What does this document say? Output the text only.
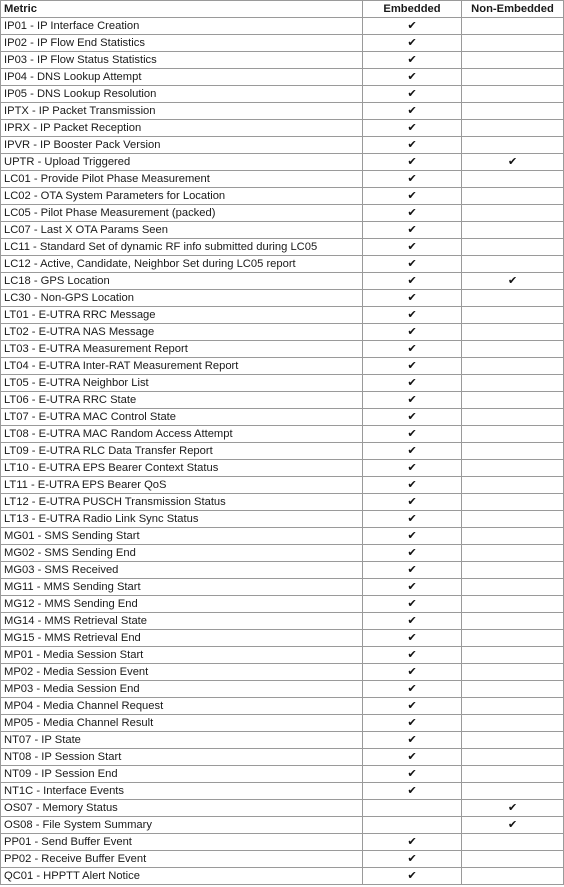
Metric	Embedded	Non-Embedded
IP01 - IP Interface Creation	✔	
IP02 - IP Flow End Statistics	✔	
IP03 - IP Flow Status Statistics	✔	
IP04 - DNS Lookup Attempt	✔	
IP05 - DNS Lookup Resolution	✔	
IPTX - IP Packet Transmission	✔	
IPRX - IP Packet Reception	✔	
IPVR - IP Booster Pack Version	✔	
UPTR - Upload Triggered	✔	✔
LC01 - Provide Pilot Phase Measurement	✔	
LC02 - OTA System Parameters for Location	✔	
LC05 - Pilot Phase Measurement (packed)	✔	
LC07 - Last X OTA Params Seen	✔	
LC11 - Standard Set of dynamic RF info submitted during LC05	✔	
LC12 - Active, Candidate, Neighbor Set during LC05 report	✔	
LC18 - GPS Location	✔	✔
LC30 - Non-GPS Location	✔	
LT01 - E-UTRA RRC Message	✔	
LT02 - E-UTRA NAS Message	✔	
LT03 - E-UTRA Measurement Report	✔	
LT04 - E-UTRA Inter-RAT Measurement Report	✔	
LT05 - E-UTRA Neighbor List	✔	
LT06 - E-UTRA RRC State	✔	
LT07 - E-UTRA MAC Control State	✔	
LT08 - E-UTRA MAC Random Access Attempt	✔	
LT09 - E-UTRA RLC Data Transfer Report	✔	
LT10 - E-UTRA EPS Bearer Context Status	✔	
LT11 - E-UTRA EPS Bearer QoS	✔	
LT12 - E-UTRA PUSCH Transmission Status	✔	
LT13 - E-UTRA Radio Link Sync Status	✔	
MG01 - SMS Sending Start	✔	
MG02 - SMS Sending End	✔	
MG03 - SMS Received	✔	
MG11 - MMS Sending Start	✔	
MG12 - MMS Sending End	✔	
MG14 - MMS Retrieval State	✔	
MG15 - MMS Retrieval End	✔	
MP01 - Media Session Start	✔	
MP02 - Media Session Event	✔	
MP03 - Media Session End	✔	
MP04 - Media Channel Request	✔	
MP05 - Media Channel Result	✔	
NT07 - IP State	✔	
NT08 - IP Session Start	✔	
NT09 - IP Session End	✔	
NT1C - Interface Events	✔	
OS07 - Memory Status		✔
OS08 - File System Summary		✔
PP01 - Send Buffer Event	✔	
PP02 - Receive Buffer Event	✔	
QC01 - HPPTT Alert Notice	✔	
